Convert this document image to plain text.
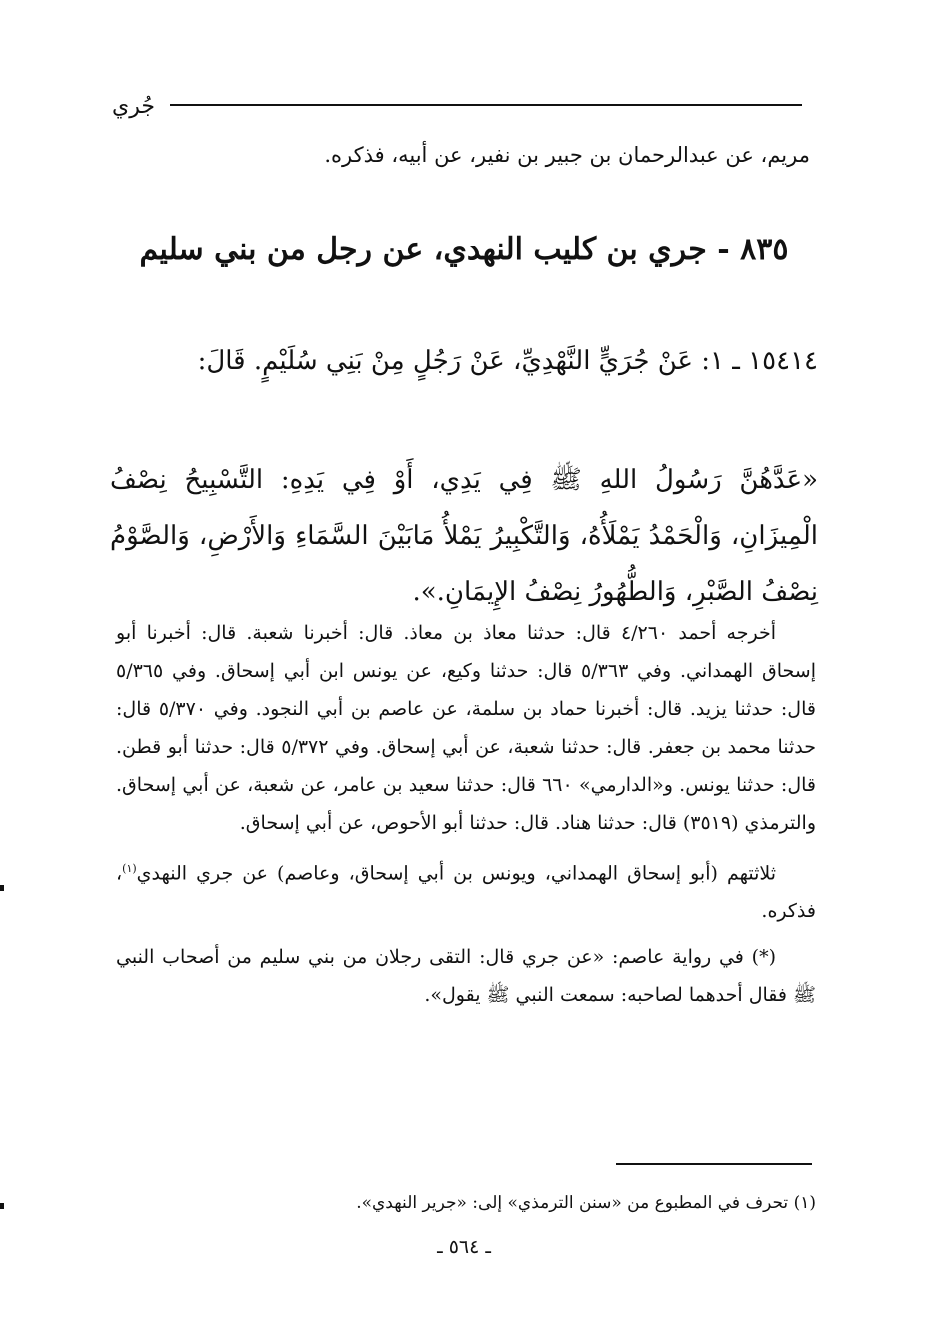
جُري
مريم، عن عبدالرحمان بن جبير بن نفير، عن أبيه، فذكره.
٨٣٥ - جري بن كليب النهدي، عن رجل من بني سليم
١٥٤١٤ ـ ١: عَنْ جُرَيٍّ النَّهْدِيِّ، عَنْ رَجُلٍ مِنْ بَنِي سُلَيْمٍ. قَالَ:
«عَدَّهُنَّ رَسُولُ اللهِ ﷺ فِي يَدِي، أَوْ فِي يَدِهِ: التَّسْبِيحُ نِصْفُ الْمِيزَانِ، وَالْحَمْدُ يَمْلَأُهُ، وَالتَّكْبِيرُ يَمْلأُ مَابَيْنَ السَّمَاءِ وَالأَرْضِ، وَالصَّوْمُ نِصْفُ الصَّبْرِ، وَالطُّهُورُ نِصْفُ الإِيمَانِ.».

أخرجه أحمد ٤/٢٦٠ قال: حدثنا معاذ بن معاذ. قال: أخبرنا شعبة. قال: أخبرنا أبو إسحاق الهمداني. وفي ٥/٣٦٣ قال: حدثنا وكيع، عن يونس ابن أبي إسحاق. وفي ٥/٣٦٥ قال: حدثنا يزيد. قال: أخبرنا حماد بن سلمة، عن عاصم بن أبي النجود. وفي ٥/٣٧٠ قال: حدثنا محمد بن جعفر. قال: حدثنا شعبة، عن أبي إسحاق. وفي ٥/٣٧٢ قال: حدثنا أبو قطن. قال: حدثنا يونس. و«الدارمي» ٦٦٠ قال: حدثنا سعيد بن عامر، عن شعبة، عن أبي إسحاق. والترمذي (٣٥١٩) قال: حدثنا هناد. قال: حدثنا أبو الأحوص، عن أبي إسحاق.

ثلاثتهم (أبو إسحاق الهمداني، ويونس بن أبي إسحاق، وعاصم) عن جري النهدي$^{(١)}$، فذكره.

(*) في رواية عاصم: «عن جري قال: التقى رجلان من بني سليم من أصحاب النبي ﷺ فقال أحدهما لصاحبه: سمعت النبي ﷺ يقول».

(١) تحرف في المطبوع من «سنن الترمذي» إلى: «جرير النهدي».
ـ ٥٦٤ ـ
